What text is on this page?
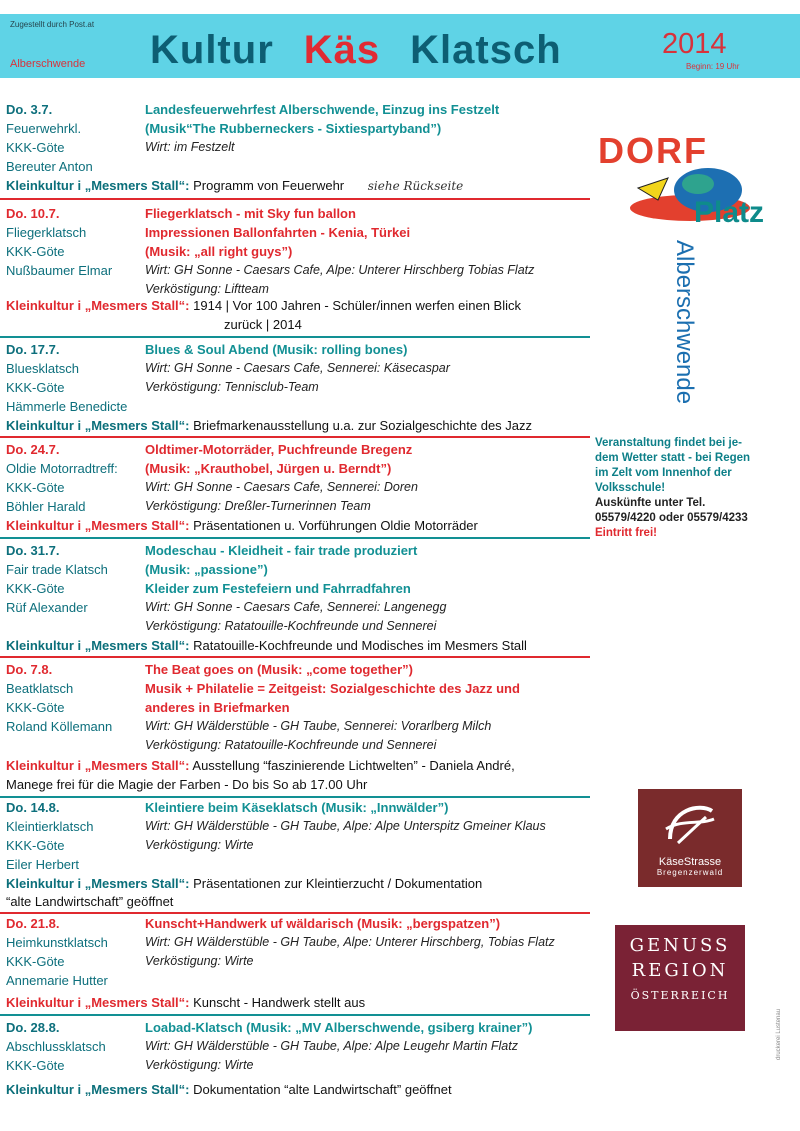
Zugestellt durch Post.at
Alberschwende Kultur Käs Klatsch	2014
Beginn: 19 Uhr
Do. 3.7.
Feuerwehrkl.
KKK-Göte
Bereuter Anton
Landesfeuerwehrfest Alberschwende, Einzug ins Festzelt
(Musik“The Rubberneckers - Sixtiespartyband”)
Wirt: im Festzelt
Kleinkultur i „Mesmers Stall“: Programm von Feuerwehr siehe Rückseite
Do. 10.7.
Fliegerklatsch
KKK-Göte
Nußbaumer Elmar
Fliegerklatsch - mit Sky fun ballon
Impressionen Ballonfahrten - Kenia, Türkei
(Musik: „all right guys”)
Wirt: GH Sonne - Caesars Cafe, Alpe: Unterer Hirschberg Tobias Flatz
Verköstigung: Liftteam
Kleinkultur i „Mesmers Stall“: 1914 | Vor 100 Jahren - Schüler/innen werfen einen Blick
zurück | 2014
Do. 17.7.
Bluesklatsch
KKK-Göte
Hämmerle Benedicte
Blues & Soul Abend (Musik: rolling bones)
Wirt: GH Sonne - Caesars Cafe, Sennerei: Käsecaspar
Verköstigung: Tennisclub-Team
Kleinkultur i „Mesmers Stall“: Briefmarkenausstellung u.a. zur Sozialgeschichte des Jazz
Do. 24.7.
Oldie Motorradtreff:
KKK-Göte
Böhler Harald
Oldtimer-Motorräder, Puchfreunde Bregenz
(Musik: „Krauthobel, Jürgen u. Berndt”)
Wirt: GH Sonne - Caesars Cafe, Sennerei: Doren
Verköstigung: Dreßler-Turnerinnen Team
Kleinkultur i „Mesmers Stall“: Präsentationen u. Vorführungen Oldie Motorräder
Do. 31.7.
Fair trade Klatsch
KKK-Göte
Rüf Alexander
Modeschau - Kleidheit - fair trade produziert
(Musik: „passione”)
Kleider zum Festefeiern und Fahrradfahren
Wirt: GH Sonne - Caesars Cafe, Sennerei: Langenegg
Verköstigung: Ratatouille-Kochfreunde und Sennerei
Kleinkultur i „Mesmers Stall“: Ratatouille-Kochfreunde und Modisches im Mesmers Stall
Do. 7.8.
Beatklatsch
KKK-Göte
Roland Köllemann
The Beat goes on (Musik: „come together”)
Musik + Philatelie = Zeitgeist: Sozialgeschichte des Jazz und
anderes in Briefmarken
Wirt: GH Wälderstüble - GH Taube, Sennerei: Vorarlberg Milch
Verköstigung: Ratatouille-Kochfreunde und Sennerei
Kleinkultur i „Mesmers Stall“: Ausstellung “faszinierende Lichtwelten” - Daniela André,
Manege frei für die Magie der Farben - Do bis So ab 17.00 Uhr
Do. 14.8.
Kleintierklatsch
KKK-Göte
Eiler Herbert
Kleintiere beim Käseklatsch (Musik: „Innwälder”)
Wirt: GH Wälderstüble - GH Taube, Alpe: Alpe Unterspitz Gmeiner Klaus
Verköstigung: Wirte
Kleinkultur i „Mesmers Stall“: Präsentationen zur Kleintierzucht / Dokumentation
“alte Landwirtschaft” geöffnet
Do. 21.8.
Heimkunstklatsch
KKK-Göte
Annemarie Hutter
Kunscht+Handwerk uf wäldarisch (Musik: „bergspatzen”)
Wirt: GH Wälderstüble - GH Taube, Alpe: Unterer Hirschberg, Tobias Flatz
Verköstigung: Wirte
Kleinkultur i „Mesmers Stall“: Kunscht - Handwerk stellt aus
Do. 28.8.
Abschlussklatsch
KKK-Göte
Loabad-Klatsch (Musik: „MV Alberschwende, gsiberg krainer”)
Wirt: GH Wälderstüble - GH Taube, Alpe: Alpe Leugehr Martin Flatz
Verköstigung: Wirte
Kleinkultur i „Mesmers Stall“: Dokumentation “alte Landwirtschaft” geöffnet
DORF
Platz
Alberschwende
Veranstaltung findet bei je-
dem Wetter statt - bei Regen
im Zelt vom Innenhof der
Volksschule!
Auskünfte unter Tel.
05579/4220 oder 05579/4233
Eintritt frei!
KäseStrasse
Bregenzerwald
GENUSS
REGION
ÖSTERREICH
druckerei Lustenau
